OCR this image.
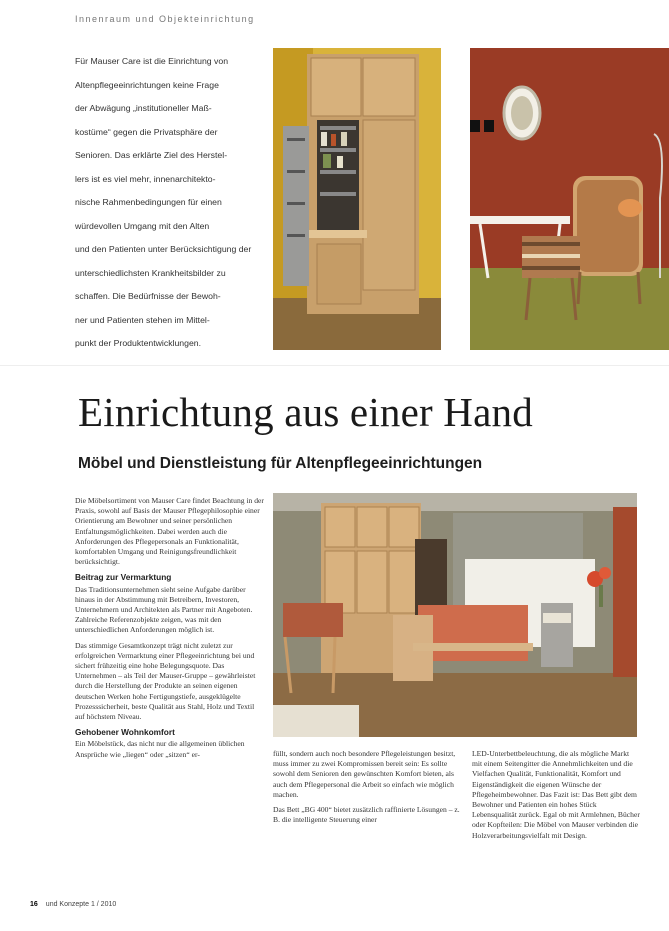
Innenraum und Objekteinrichtung
Für Mauser Care ist die Einrichtung von
Altenpflegeeinrichtungen keine Frage
der Abwägung „institutioneller Maß-
kostüme“ gegen die Privatsphäre der
Senioren. Das erklärte Ziel des Herstel-
lers ist es viel mehr, innenarchitekto-
nische Rahmenbedingungen für einen
würdevollen Umgang mit den Alten
und den Patienten unter Berücksichtigung der
unterschiedlichsten Krankheitsbilder zu
schaffen. Die Bedürfnisse der Bewoh-
ner und Patienten stehen im Mittel-
punkt der Produktentwicklungen.
Einrichtung aus einer Hand
Möbel und Dienstleistung für Altenpflegeeinrichtungen

Die Möbelsortiment von Mauser Care findet Beachtung in der Praxis, sowohl auf Basis der Mauser Pflegephilosophie einer Orientierung am Bewohner und seiner persönlichen Entfaltungsmöglichkeiten. Dabei werden auch die Anforderungen des Pflegepersonals an Funktionalität, komfortablen Umgang und Reinigungsfreundlichkeit berücksichtigt.

Beitrag zur Vermarktung

Das Traditionsunternehmen sieht seine Aufgabe darüber hinaus in der Abstimmung mit Betreibern, Investoren, Unternehmern und Architekten als Partner mit Angeboten. Zahlreiche Referenzobjekte zeigen, was mit den unterschiedlichen Anforderungen möglich ist.

Das stimmige Gesamtkonzept trägt nicht zuletzt zur erfolgreichen Vermarktung einer Pflegeeinrichtung bei und sichert frühzeitig eine hohe Belegungsquote. Das Unternehmen – als Teil der Mauser-Gruppe – gewährleistet durch die Herstellung der Produkte an seinen eigenen deutschen Werken hohe Fertigungstiefe, ausgeklügelte Prozesssicherheit, beste Qualität aus Stahl, Holz und Textil auf höchstem Niveau.

Gehobener Wohnkomfort

Ein Möbelstück, das nicht nur die allgemeinen üblichen Ansprüche wie „liegen“ oder „sitzen“ er-	füllt, sondern auch noch besondere Pflegeleistungen besitzt, muss immer zu zwei Kompromissen bereit sein: Es sollte sowohl dem Senioren den gewünschten Komfort bieten, als auch dem Pflegepersonal die Arbeit so einfach wie möglich machen.

Das Bett „BG 400“ bietet zusätzlich raffinierte Lösungen – z. B. die intelligente Steuerung einer

LED-Unterbettbeleuchtung, die als mögliche Markt mit einem Seitengitter die Annehmlichkeiten und die Vielfachen Qualität, Funktionalität, Komfort und Eigenständigkeit die eigenen Wünsche der Pflegeheimbewohner. Das Fazit ist: Das Bett gibt dem Bewohner und Patienten ein hohes Stück Lebensqualität zurück. Egal ob mit Armlehnen, Bücher oder Kopfteilen: Die Möbel von Mauser verbinden die Holzverarbeitungsvielfalt mit Design.

16 und Konzepte 1 / 2010
